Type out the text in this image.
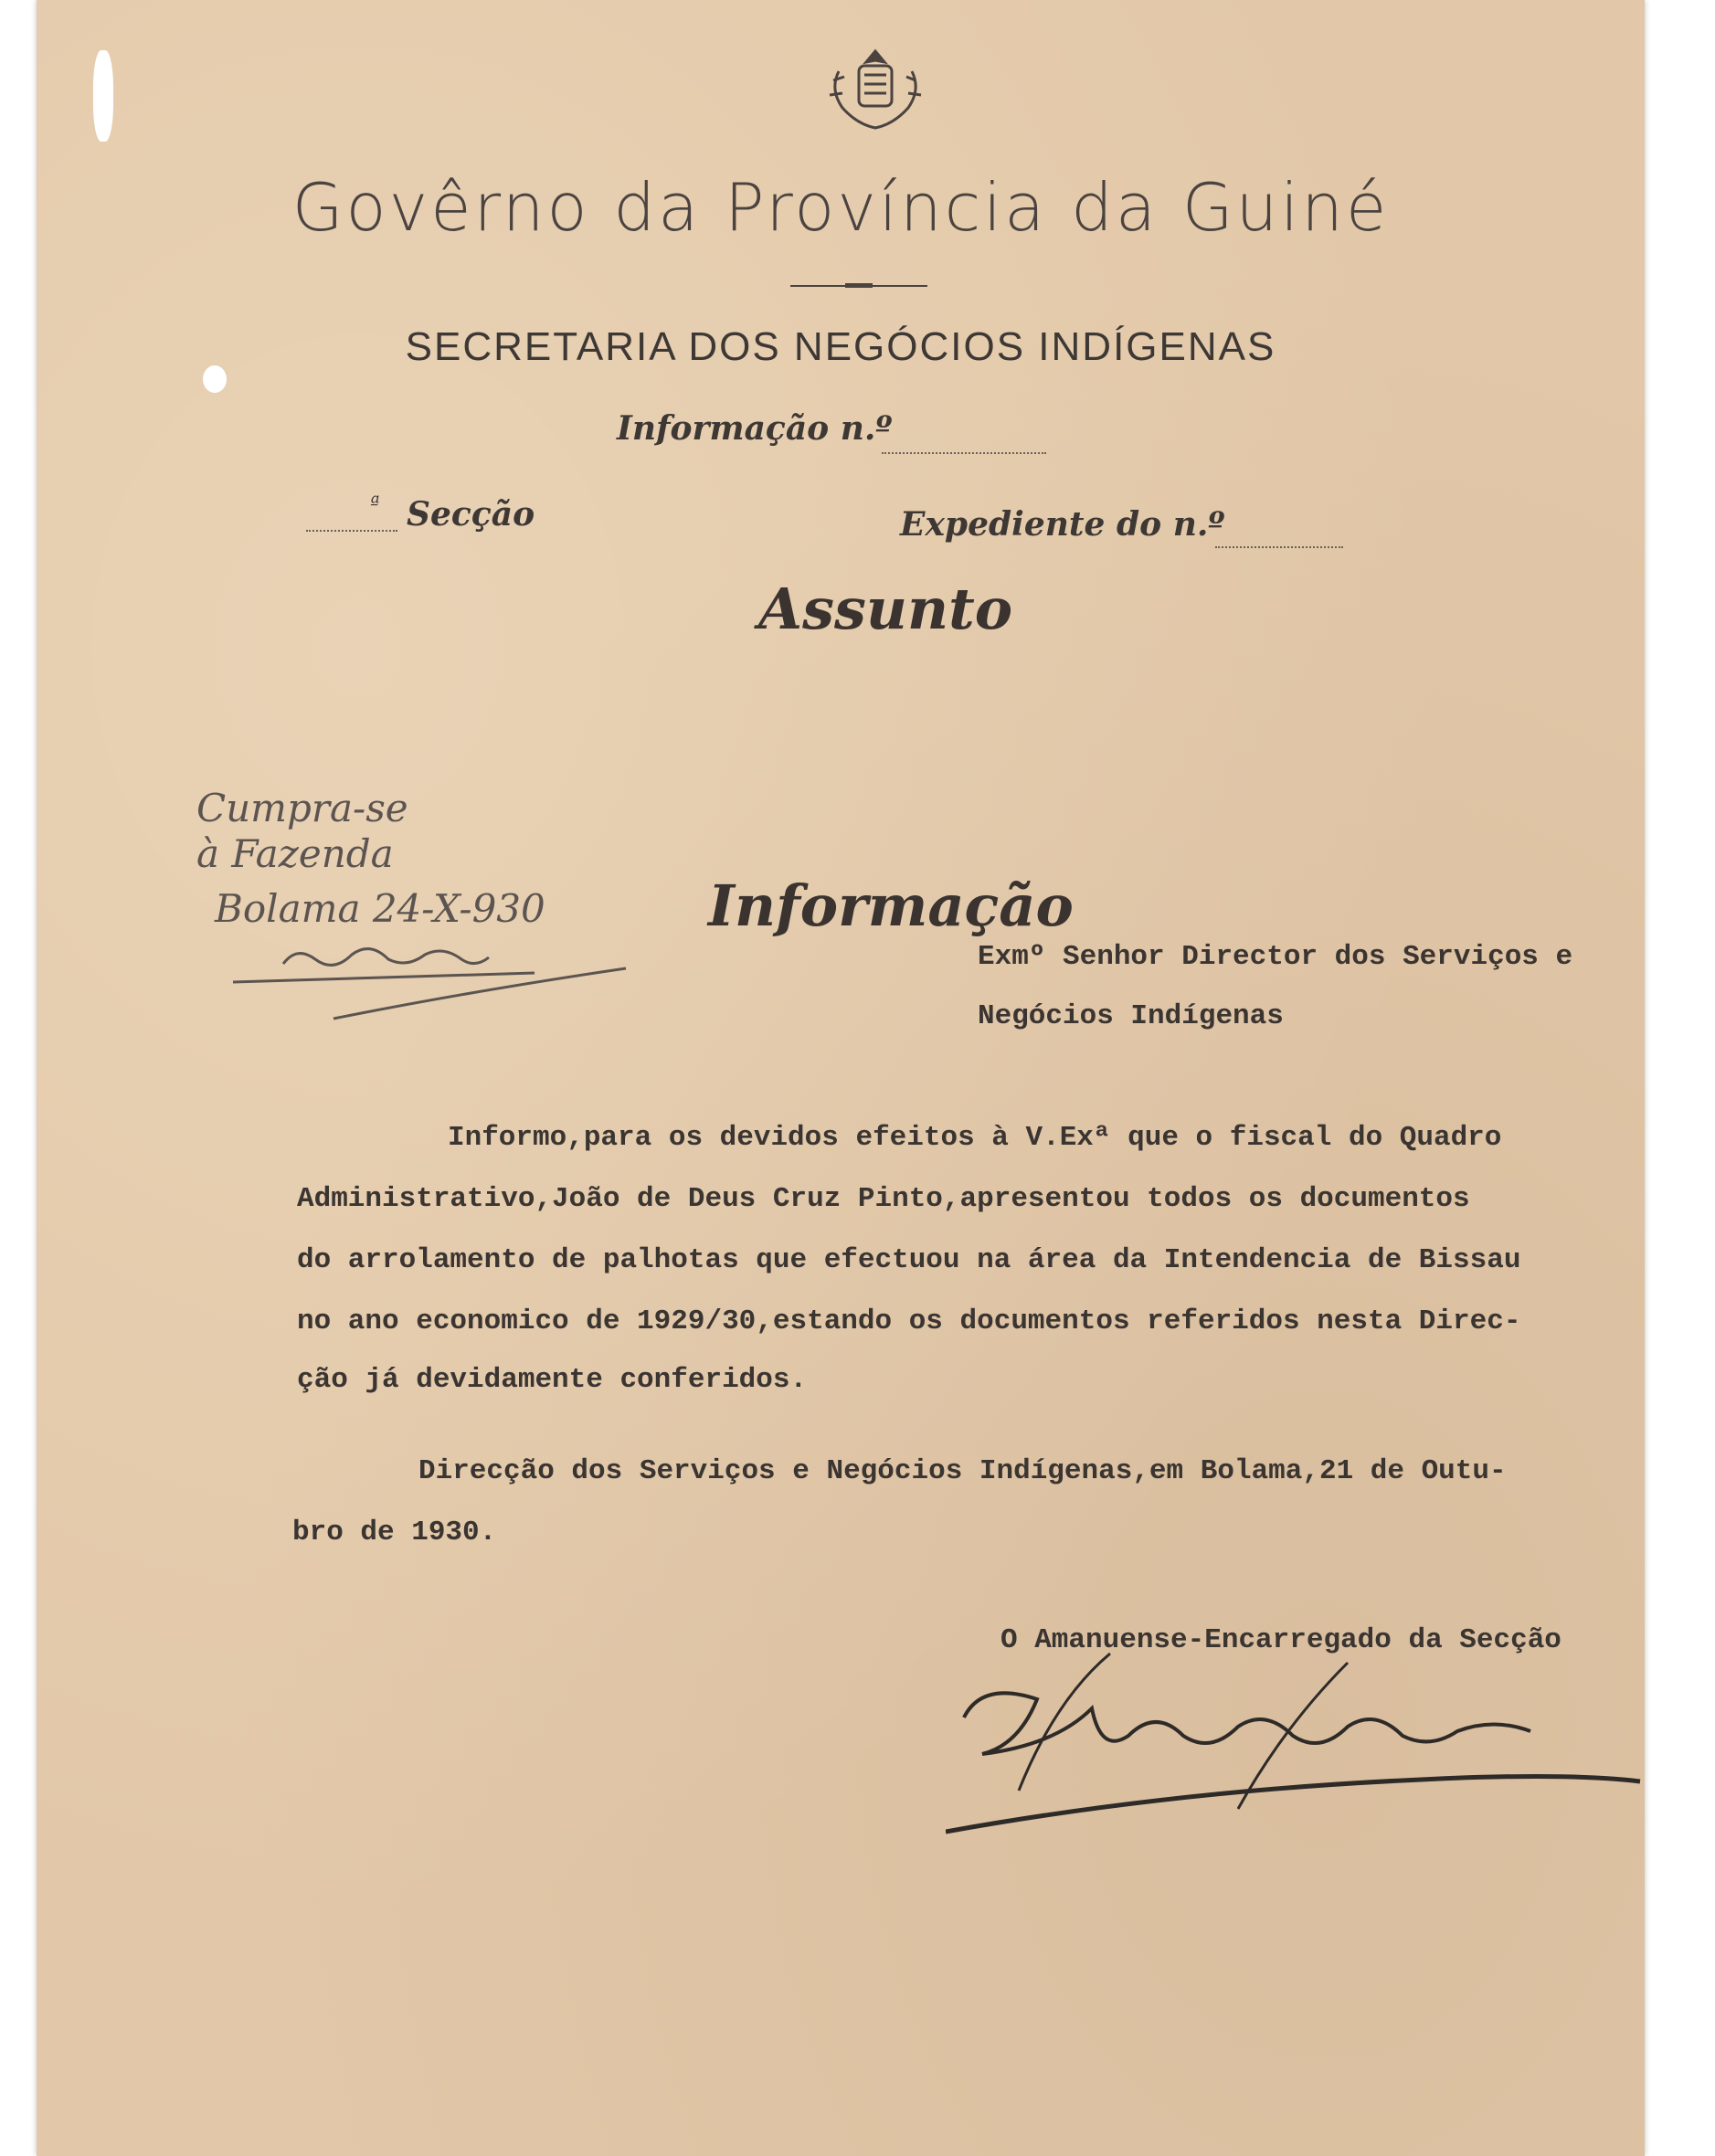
Govêrno da Província da Guiné
SECRETARIA DOS NEGÓCIOS INDÍGENAS
Informação n.º
ª Secção	Expediente do n.º
Assunto
Cumpra-se
à Fazenda
Bolama 24-X-930	Informação
Exmº Senhor Director dos Serviços e
Negócios Indígenas
Informo,para os devidos efeitos à V.Exª que o fiscal do Quadro
Administrativo,João de Deus Cruz Pinto,apresentou todos os documentos
do arrolamento de palhotas que efectuou na área da Intendencia de Bissau
no ano economico de 1929/30,estando os documentos referidos nesta Direc-
ção já devidamente conferidos.
Direcção dos Serviços e Negócios Indígenas,em Bolama,21 de Outu-
bro de 1930.
O Amanuense-Encarregado da Secção
